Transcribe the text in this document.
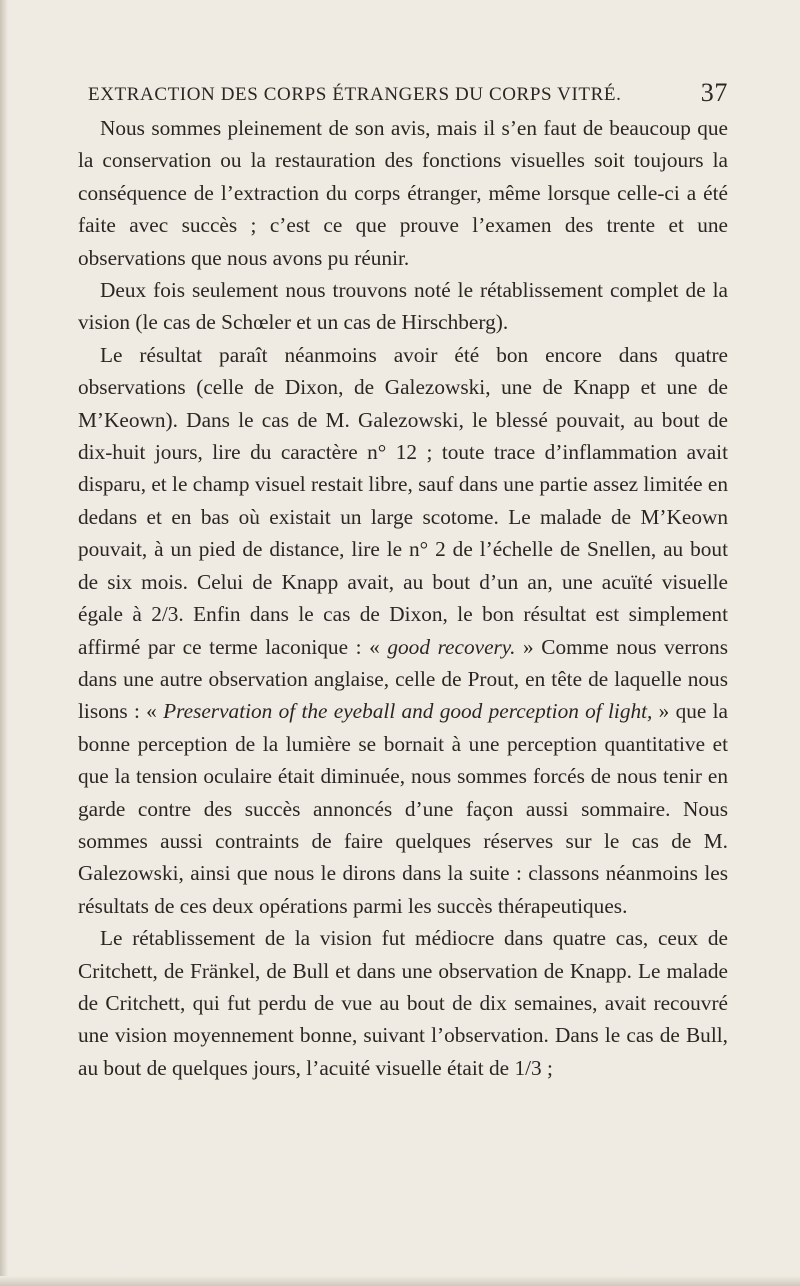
EXTRACTION DES CORPS ÉTRANGERS DU CORPS VITRÉ.	37

Nous sommes pleinement de son avis, mais il s’en faut de beaucoup que la conservation ou la restauration des fonctions visuelles soit toujours la conséquence de l’extraction du corps étranger, même lorsque celle-ci a été faite avec succès ; c’est ce que prouve l’examen des trente et une observations que nous avons pu réunir.

Deux fois seulement nous trouvons noté le rétablissement complet de la vision (le cas de Schœler et un cas de Hirschberg).

Le résultat paraît néanmoins avoir été bon encore dans quatre observations (celle de Dixon, de Galezowski, une de Knapp et une de M’Keown). Dans le cas de M. Galezowski, le blessé pouvait, au bout de dix-huit jours, lire du caractère n° 12 ; toute trace d’inflammation avait disparu, et le champ visuel restait libre, sauf dans une partie assez limitée en dedans et en bas où existait un large scotome. Le malade de M’Keown pouvait, à un pied de distance, lire le n° 2 de l’échelle de Snellen, au bout de six mois. Celui de Knapp avait, au bout d’un an, une acuïté visuelle égale à 2/3. Enfin dans le cas de Dixon, le bon résultat est simplement affirmé par ce terme laconique : « good recovery. » Comme nous verrons dans une autre observation anglaise, celle de Prout, en tête de laquelle nous lisons : « Preservation of the eyeball and good perception of light, » que la bonne perception de la lumière se bornait à une perception quantitative et que la tension oculaire était diminuée, nous sommes forcés de nous tenir en garde contre des succès annoncés d’une façon aussi sommaire. Nous sommes aussi contraints de faire quelques réserves sur le cas de M. Galezowski, ainsi que nous le dirons dans la suite : classons néanmoins les résultats de ces deux opérations parmi les succès thérapeutiques.

Le rétablissement de la vision fut médiocre dans quatre cas, ceux de Critchett, de Fränkel, de Bull et dans une observation de Knapp. Le malade de Critchett, qui fut perdu de vue au bout de dix semaines, avait recouvré une vision moyennement bonne, suivant l’observation. Dans le cas de Bull, au bout de quelques jours, l’acuité visuelle était de 1/3 ;
